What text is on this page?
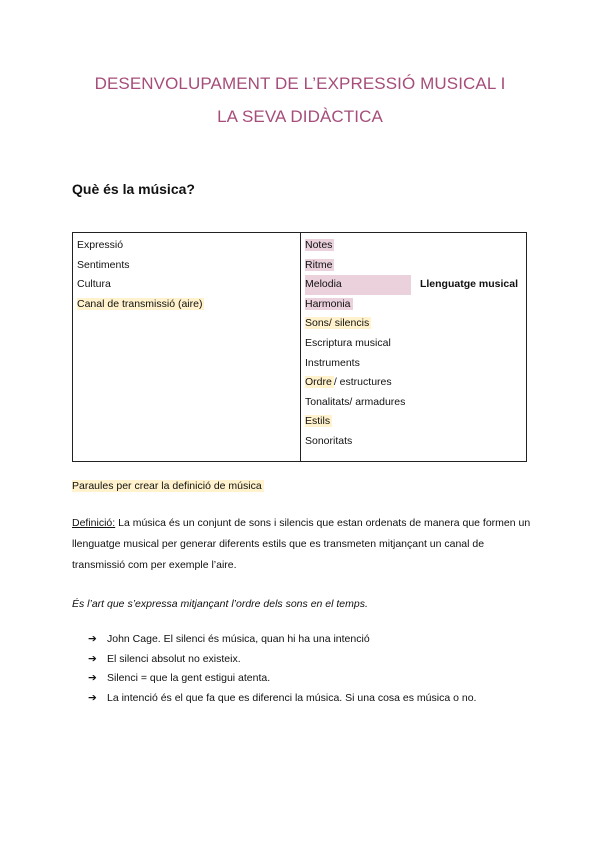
DESENVOLUPAMENT DE L’EXPRESSIÓ MUSICAL I
LA SEVA DIDÀCTICA
Què és la música?
Expressió
Sentiments
Cultura
Canal de transmissió (aire)

Notes
Ritme
Melodia	Llenguatge musical
Harmonia
Sons/ silencis
Escriptura musical
Instruments
Ordre / estructures
Tonalitats/ armadures
Estils
Sonoritats
Paraules per crear la definició de música
Definició: La música és un conjunt de sons i silencis que estan ordenats de manera que formen un llenguatge musical per generar diferents estils que es transmeten mitjançant un canal de transmissió com per exemple l’aire.
És l’art que s’expressa mitjançant l’ordre dels sons en el temps.
➔ John Cage. El silenci és música, quan hi ha una intenció
➔ El silenci absolut no existeix.
➔ Silenci = que la gent estigui atenta.
➔ La intenció és el que fa que es diferenci la música. Si una cosa es música o no.
